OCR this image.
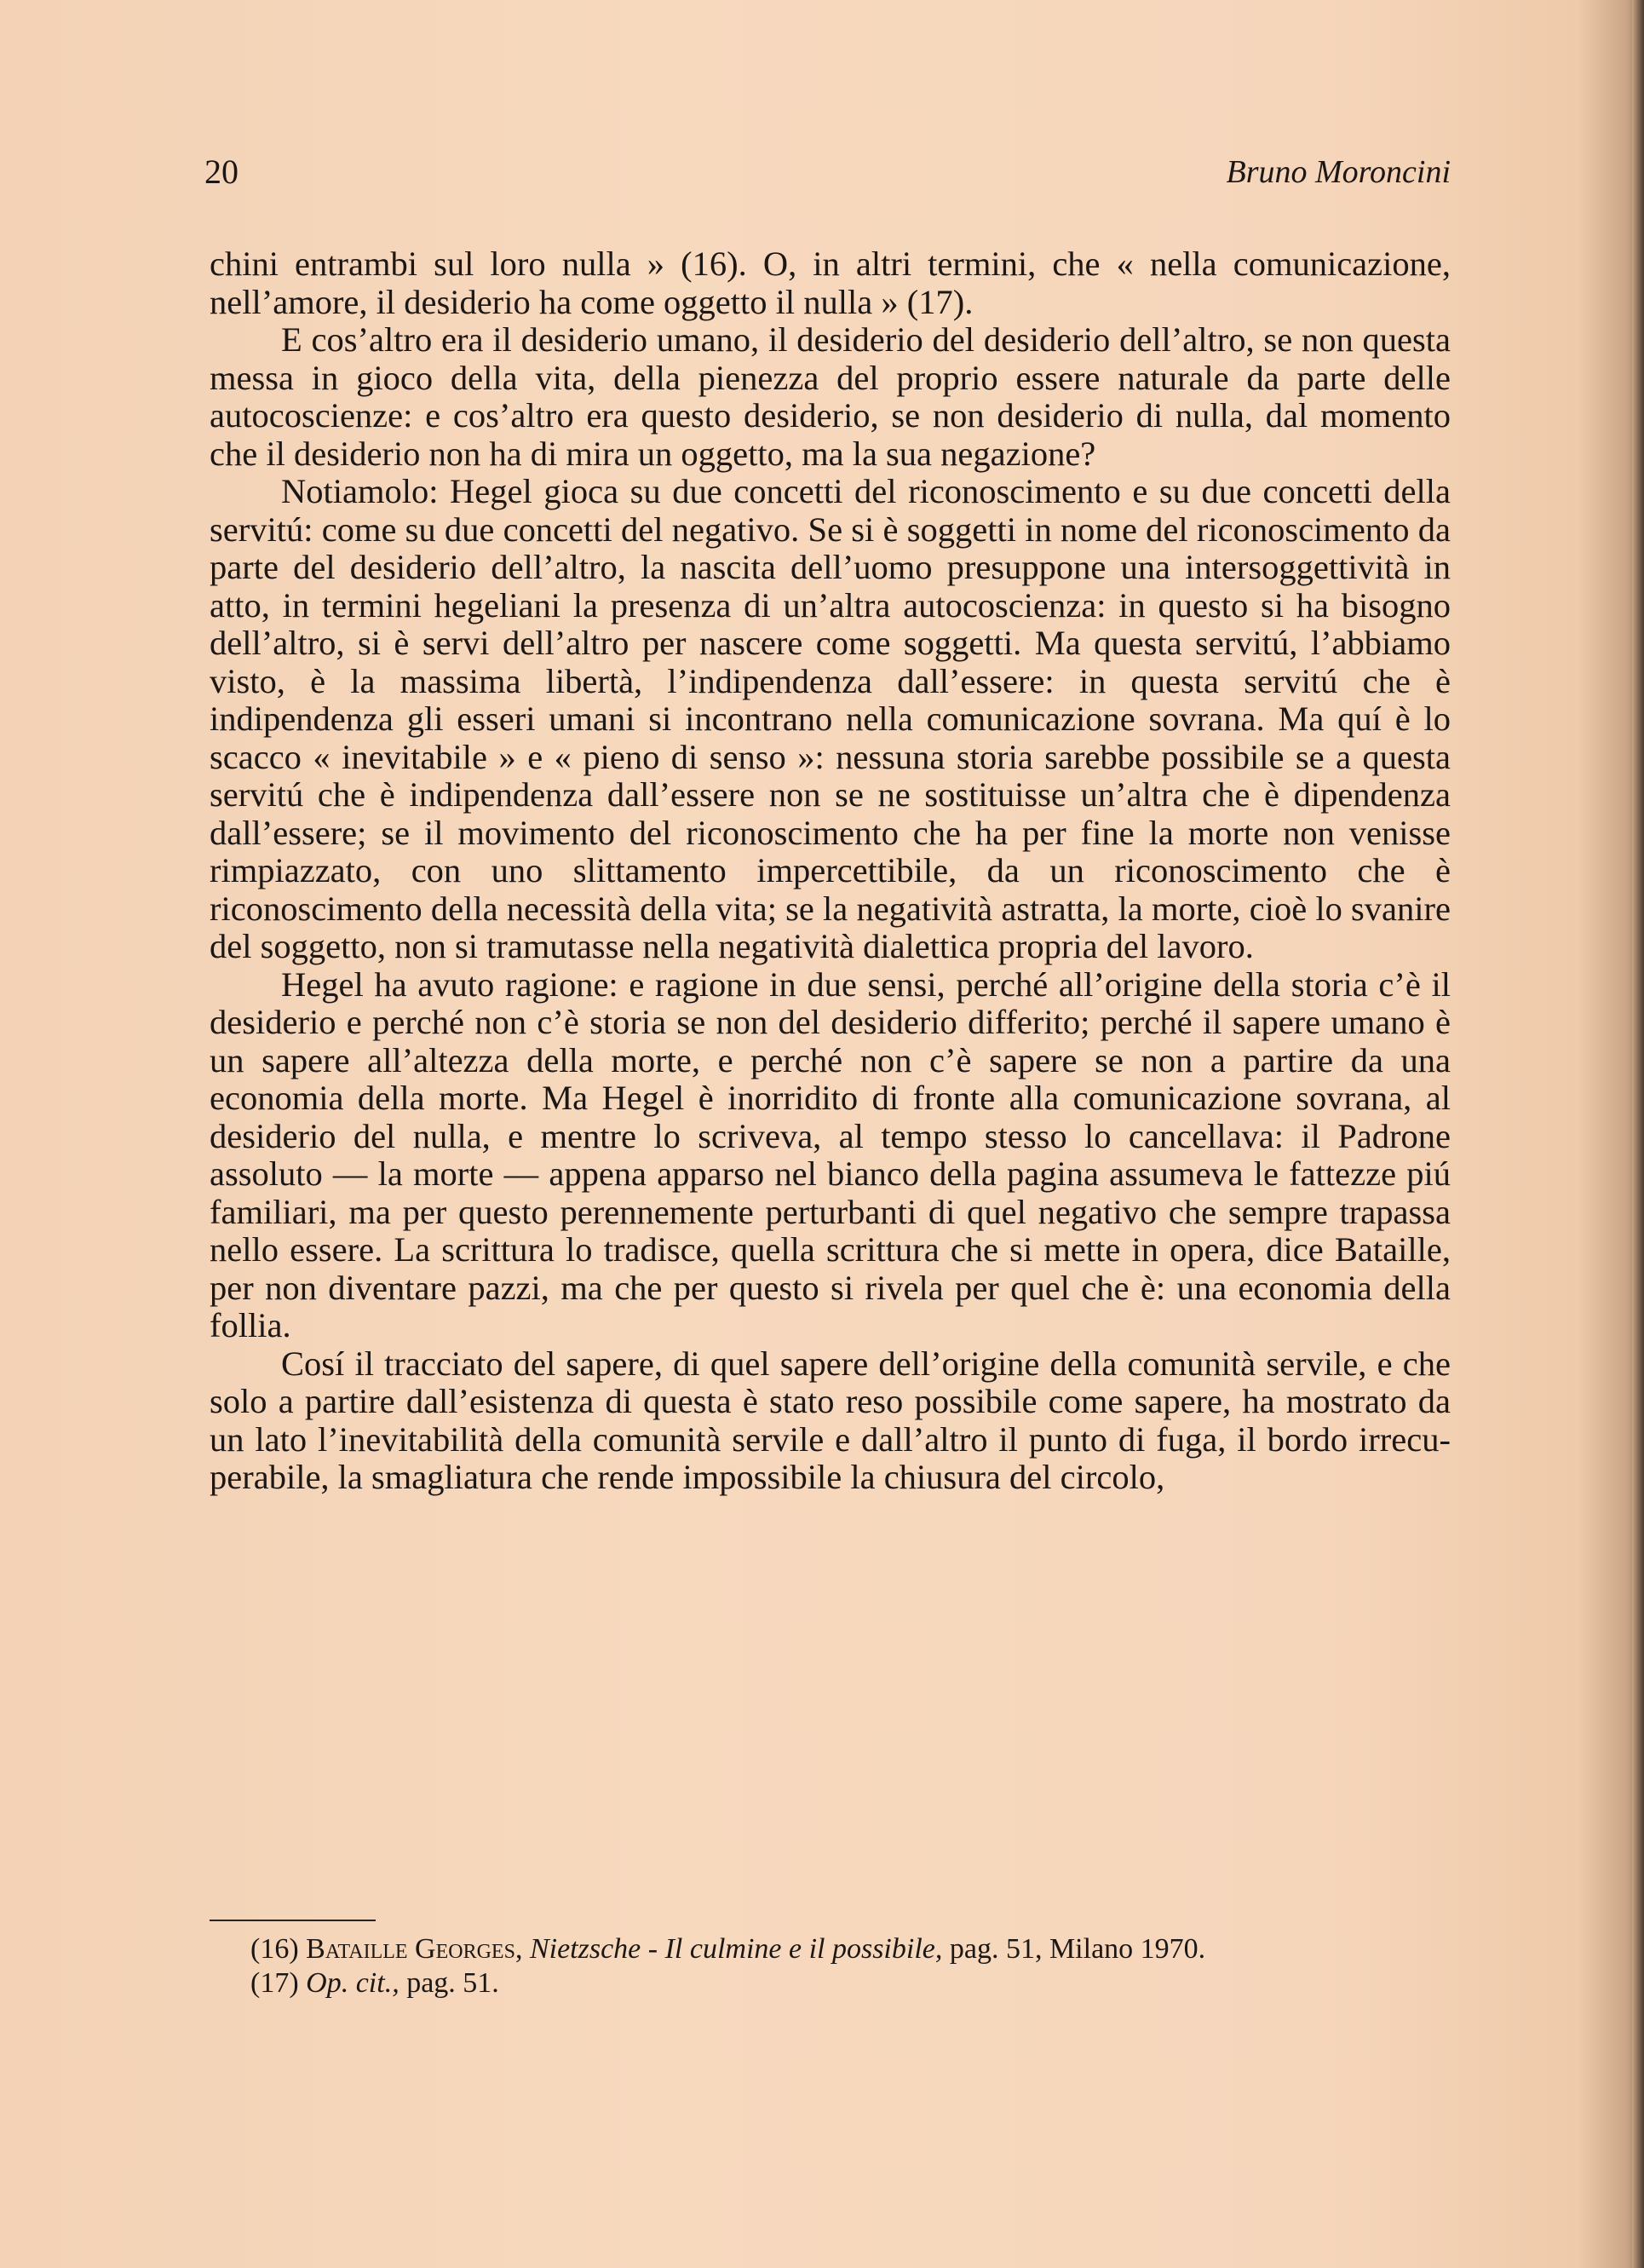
20	Bruno Moroncini

chini entrambi sul loro nulla » (16). O, in altri termini, che « nella comunicazione, nell’amore, il desiderio ha come oggetto il nulla » (17).

E cos’altro era il desiderio umano, il desiderio del desiderio dell’altro, se non questa messa in gioco della vita, della pienezza del proprio essere naturale da parte delle autocoscienze: e cos’altro era questo desiderio, se non desiderio di nulla, dal momento che il desiderio non ha di mira un oggetto, ma la sua negazione?

Notiamolo: Hegel gioca su due concetti del riconoscimento e su due concetti della servitú: come su due concetti del negativo. Se si è soggetti in nome del riconoscimento da parte del desiderio dell’altro, la nascita dell’uomo presuppone una intersoggettività in atto, in termini hegeliani la presenza di un’altra autocoscienza: in questo si ha bisogno dell’altro, si è servi dell’altro per nascere come soggetti. Ma questa servitú, l’abbiamo visto, è la massima libertà, l’indipendenza dall’essere: in questa servitú che è indipendenza gli esseri umani si incontrano nella comunicazione sovrana. Ma quí è lo scacco « inevitabile » e « pieno di senso »: nessuna storia sarebbe possibile se a questa servitú che è indipendenza dall’essere non se ne sostituisse un’altra che è dipendenza dall’essere; se il movimento del riconoscimento che ha per fine la morte non venisse rimpiazzato, con uno slittamento impercettibile, da un riconoscimento che è riconoscimento della necessità della vita; se la negatività astratta, la morte, cioè lo svanire del soggetto, non si tramutasse nella negatività dialettica propria del lavoro.

Hegel ha avuto ragione: e ragione in due sensi, perché all’origine della storia c’è il desiderio e perché non c’è storia se non del desiderio differito; perché il sapere umano è un sapere all’altezza della morte, e perché non c’è sapere se non a partire da una economia della morte. Ma Hegel è inorridito di fronte alla comunicazione sovrana, al desiderio del nulla, e mentre lo scriveva, al tempo stesso lo cancellava: il Padrone assoluto — la morte — appena apparso nel bianco della pagina assumeva le fattezze piú familiari, ma per questo perennemente perturbanti di quel negativo che sempre trapassa nello essere. La scrittura lo tradisce, quella scrittura che si mette in opera, dice Bataille, per non diventare pazzi, ma che per questo si rivela per quel che è: una economia della follia.

Cosí il tracciato del sapere, di quel sapere dell’origine della comunità servile, e che solo a partire dall’esistenza di questa è stato reso possibile come sapere, ha mostrato da un lato l’inevitabilità della comunità servile e dall’altro il punto di fuga, il bordo irrecuperabile, la smagliatura che rende impossibile la chiusura del circolo,

(16) Bataille Georges, Nietzsche - Il culmine e il possibile, pag. 51, Milano 1970.

(17) Op. cit., pag. 51.
